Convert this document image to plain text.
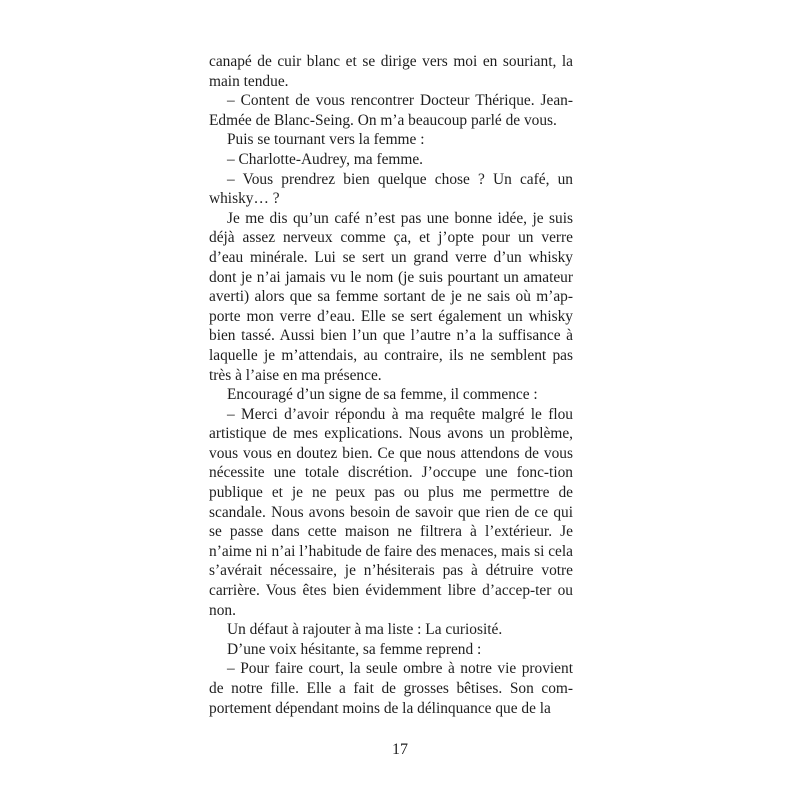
canapé de cuir blanc et se dirige vers moi en souriant, la main tendue.

– Content de vous rencontrer Docteur Thérique. Jean-Edmée de Blanc-Seing. On m’a beaucoup parlé de vous.

Puis se tournant vers la femme :

– Charlotte-Audrey, ma femme.

– Vous prendrez bien quelque chose ? Un café, un whisky… ?

Je me dis qu’un café n’est pas une bonne idée, je suis déjà assez nerveux comme ça, et j’opte pour un verre d’eau minérale. Lui se sert un grand verre d’un whisky dont je n’ai jamais vu le nom (je suis pourtant un amateur averti) alors que sa femme sortant de je ne sais où m’ap-porte mon verre d’eau. Elle se sert également un whisky bien tassé. Aussi bien l’un que l’autre n’a la suffisance à laquelle je m’attendais, au contraire, ils ne semblent pas très à l’aise en ma présence.

Encouragé d’un signe de sa femme, il commence :

– Merci d’avoir répondu à ma requête malgré le flou artistique de mes explications. Nous avons un problème, vous vous en doutez bien. Ce que nous attendons de vous nécessite une totale discrétion. J’occupe une fonc-tion publique et je ne peux pas ou plus me permettre de scandale. Nous avons besoin de savoir que rien de ce qui se passe dans cette maison ne filtrera à l’extérieur. Je n’aime ni n’ai l’habitude de faire des menaces, mais si cela s’avérait nécessaire, je n’hésiterais pas à détruire votre carrière. Vous êtes bien évidemment libre d’accep-ter ou non.

Un défaut à rajouter à ma liste : La curiosité.

D’une voix hésitante, sa femme reprend :

– Pour faire court, la seule ombre à notre vie provient de notre fille. Elle a fait de grosses bêtises. Son com-portement dépendant moins de la délinquance que de la

17
